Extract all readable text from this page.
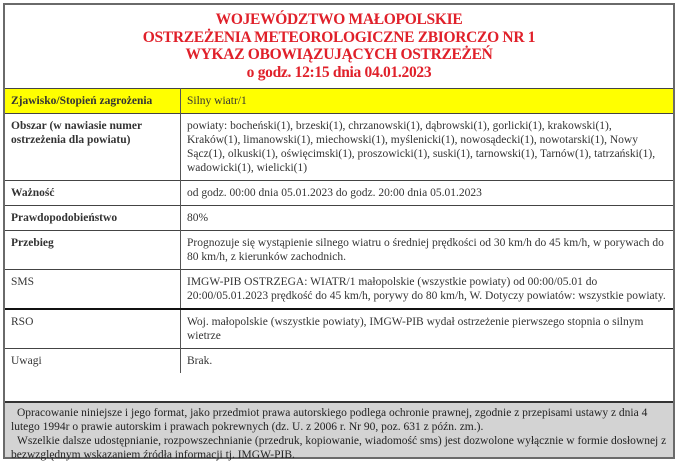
WOJEWÓDZTWO MAŁOPOLSKIE
OSTRZEŻENIA METEOROLOGICZNE ZBIORCZO NR 1
WYKAZ OBOWIĄZUJĄCYCH OSTRZEŻEŃ
o godz. 12:15 dnia 04.01.2023
Zjawisko/Stopień zagrożenia	Silny wiatr/1
Obszar (w nawiasie numer ostrzeżenia dla powiatu)	powiaty: bocheński(1), brzeski(1), chrzanowski(1), dąbrowski(1), gorlicki(1), krakowski(1), Kraków(1), limanowski(1), miechowski(1), myślenicki(1), nowosądecki(1), nowotarski(1), Nowy Sącz(1), olkuski(1), oświęcimski(1), proszowicki(1), suski(1), tarnowski(1), Tarnów(1), tatrzański(1), wadowicki(1), wielicki(1)
Ważność	od godz. 00:00 dnia 05.01.2023 do godz. 20:00 dnia 05.01.2023
Prawdopodobieństwo	80%
Przebieg	Prognozuje się wystąpienie silnego wiatru o średniej prędkości od 30 km/h do 45 km/h, w porywach do 80 km/h, z kierunków zachodnich.
SMS	IMGW-PIB OSTRZEGA: WIATR/1 małopolskie (wszystkie powiaty) od 00:00/05.01 do 20:00/05.01.2023 prędkość do 45 km/h, porywy do 80 km/h, W. Dotyczy powiatów: wszystkie powiaty.
RSO	Woj. małopolskie (wszystkie powiaty), IMGW-PIB wydał ostrzeżenie pierwszego stopnia o silnym wietrze
Uwagi	Brak.

Opracowanie niniejsze i jego format, jako przedmiot prawa autorskiego podlega ochronie prawnej, zgodnie z przepisami ustawy z dnia 4 lutego 1994r o prawie autorskim i prawach pokrewnych (dz. U. z 2006 r. Nr 90, poz. 631 z późn. zm.).

Wszelkie dalsze udostępnianie, rozpowszechnianie (przedruk, kopiowanie, wiadomość sms) jest dozwolone wyłącznie w formie dosłownej z bezwzględnym wskazaniem źródła informacji tj. IMGW-PIB.
